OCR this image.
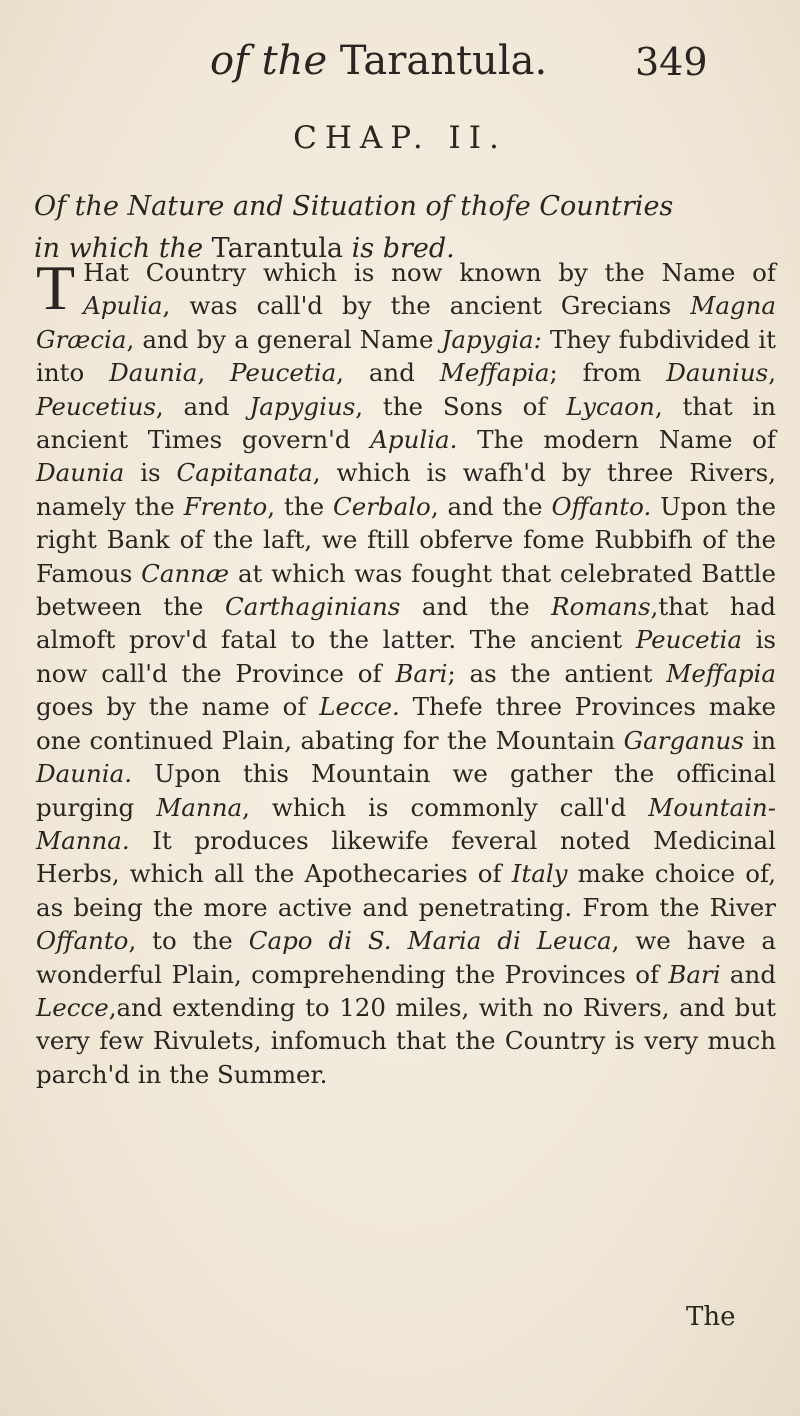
of the Tarantula. 349
CHAP. II.
Of the Nature and Situation of thofe Countries
in which the Tarantula is bred.

T Hat Country which is now known by the Name of Apulia, was call'd by the ancient Grecians Magna Græcia, and by a general Name Japygia: They fubdivided it into Daunia, Peucetia, and Meffapia; from Daunius, Peucetius, and Japygius, the Sons of Lycaon, that in ancient Times govern'd Apulia. The modern Name of Daunia is Capitanata, which is wafh'd by three Rivers, namely the Frento, the Cerbalo, and the Offanto. Upon the right Bank of the laft, we ftill obferve fome Rubbifh of the Famous Cannæ at which was fought that celebrated Battle between the Carthaginians and the Romans,that had almoft prov'd fatal to the latter. The ancient Peucetia is now call'd the Province of Bari; as the antient Meffapia goes by the name of Lecce. Thefe three Provinces make one continued Plain, abating for the Mountain Garganus in Daunia. Upon this Mountain we gather the officinal purging Manna, which is commonly call'd Mountain-Manna. It produces likewife feveral noted Medicinal Herbs, which all the Apothecaries of Italy make choice of, as being the more active and penetrating. From the River Offanto, to the Capo di S. Maria di Leuca, we have a wonderful Plain, comprehending the Provinces of Bari and Lecce,and extending to 120 miles, with no Rivers, and but very few Rivulets, infomuch that the Country is very much parch'd in the Summer.

The
